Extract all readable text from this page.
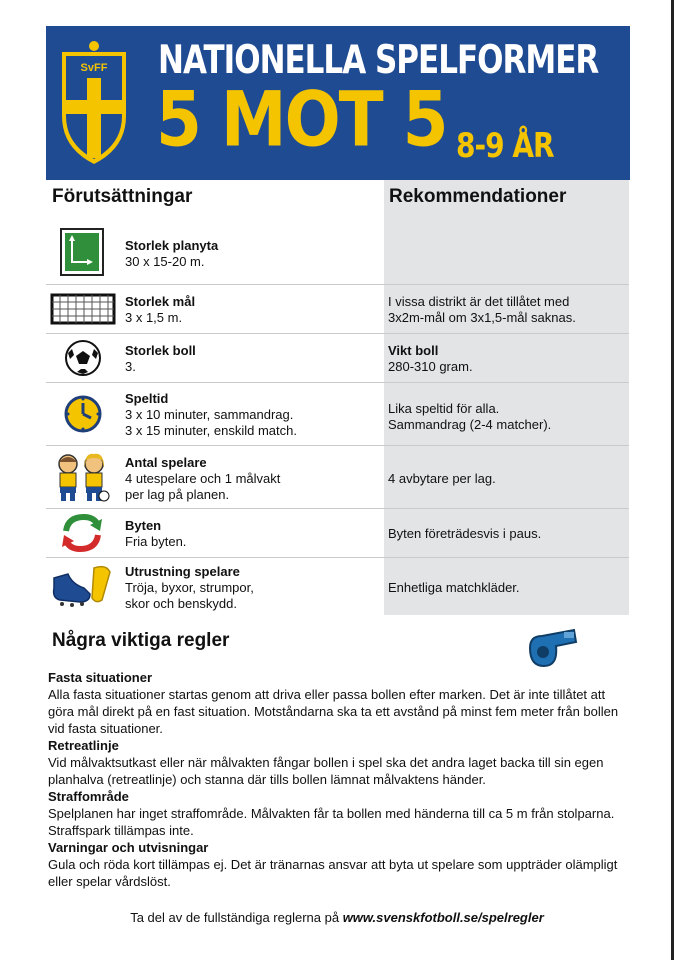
SvFF NATIONELLA SPELFORMER
5 MOT 5 8-9 ÅR
Förutsättningar	Rekommendationer
Storlek planyta
30 x 15-20 m.
Storlek mål
3 x 1,5 m.
I vissa distrikt är det tillåtet med
3x2m-mål om 3x1,5-mål saknas.
Storlek boll
3.
Vikt boll
280-310 gram.
Speltid
3 x 10 minuter, sammandrag.
3 x 15 minuter, enskild match.
Lika speltid för alla.
Sammandrag (2-4 matcher).
Antal spelare
4 utespelare och 1 målvakt
per lag på planen.
4 avbytare per lag.
Byten
Fria byten.
Byten företrädesvis i paus.
Utrustning spelare
Tröja, byxor, strumpor,
skor och benskydd.
Enhetliga matchkläder.
Några viktiga regler

Fasta situationer

Alla fasta situationer startas genom att driva eller passa bollen efter marken. Det är inte tillåtet att göra mål direkt på en fast situation. Motståndarna ska ta ett avstånd på minst fem meter från bollen vid fasta situationer.

Retreatlinje

Vid målvaktsutkast eller när målvakten fångar bollen i spel ska det andra laget backa till sin egen planhalva (retreatlinje) och stanna där tills bollen lämnat målvaktens händer.

Straffområde

Spelplanen har inget straffområde. Målvakten får ta bollen med händerna till ca 5 m från stolparna. Straffspark tillämpas inte.

Varningar och utvisningar

Gula och röda kort tillämpas ej. Det är tränarnas ansvar att byta ut spelare som uppträder olämpligt eller spelar vårdslöst.

Ta del av de fullständiga reglerna på www.svenskfotboll.se/spelregler
